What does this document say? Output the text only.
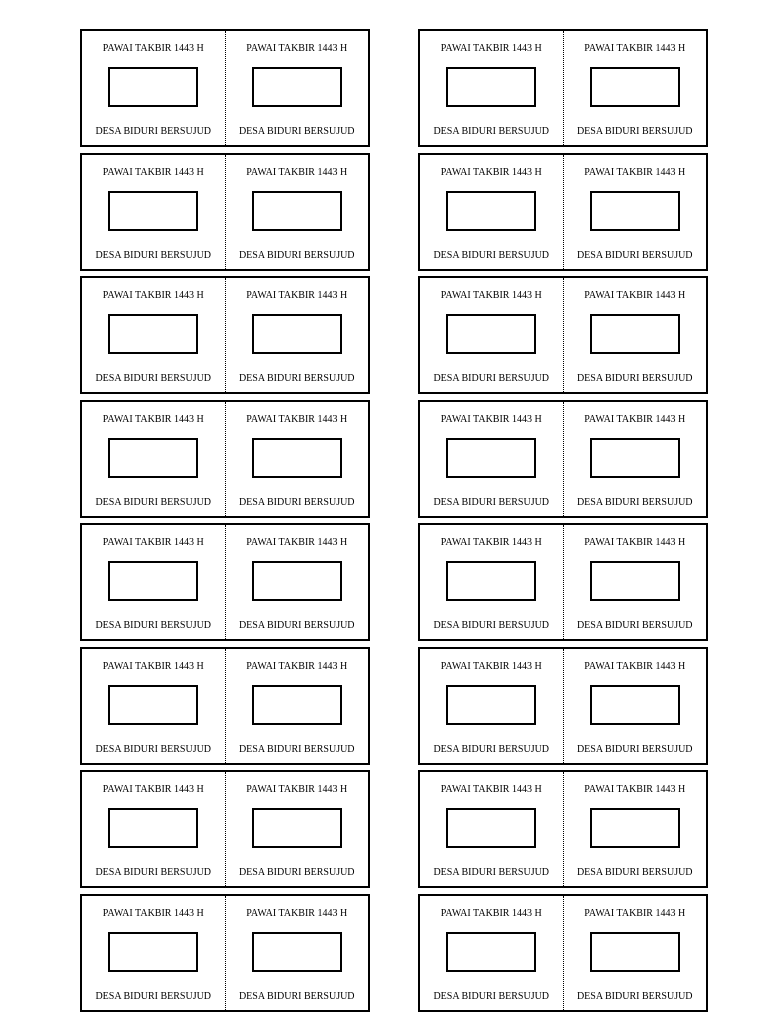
PAWAI TAKBIR 1443 H
DESA BIDURI BERSUJUD
PAWAI TAKBIR 1443 H
DESA BIDURI BERSUJUD
PAWAI TAKBIR 1443 H
DESA BIDURI BERSUJUD
PAWAI TAKBIR 1443 H
DESA BIDURI BERSUJUD
PAWAI TAKBIR 1443 H
DESA BIDURI BERSUJUD
PAWAI TAKBIR 1443 H
DESA BIDURI BERSUJUD
PAWAI TAKBIR 1443 H
DESA BIDURI BERSUJUD
PAWAI TAKBIR 1443 H
DESA BIDURI BERSUJUD
PAWAI TAKBIR 1443 H
DESA BIDURI BERSUJUD
PAWAI TAKBIR 1443 H
DESA BIDURI BERSUJUD
PAWAI TAKBIR 1443 H
DESA BIDURI BERSUJUD
PAWAI TAKBIR 1443 H
DESA BIDURI BERSUJUD
PAWAI TAKBIR 1443 H
DESA BIDURI BERSUJUD
PAWAI TAKBIR 1443 H
DESA BIDURI BERSUJUD
PAWAI TAKBIR 1443 H
DESA BIDURI BERSUJUD
PAWAI TAKBIR 1443 H
DESA BIDURI BERSUJUD
PAWAI TAKBIR 1443 H
DESA BIDURI BERSUJUD
PAWAI TAKBIR 1443 H
DESA BIDURI BERSUJUD
PAWAI TAKBIR 1443 H
DESA BIDURI BERSUJUD
PAWAI TAKBIR 1443 H
DESA BIDURI BERSUJUD
PAWAI TAKBIR 1443 H
DESA BIDURI BERSUJUD
PAWAI TAKBIR 1443 H
DESA BIDURI BERSUJUD
PAWAI TAKBIR 1443 H
DESA BIDURI BERSUJUD
PAWAI TAKBIR 1443 H
DESA BIDURI BERSUJUD
PAWAI TAKBIR 1443 H
DESA BIDURI BERSUJUD
PAWAI TAKBIR 1443 H
DESA BIDURI BERSUJUD
PAWAI TAKBIR 1443 H
DESA BIDURI BERSUJUD
PAWAI TAKBIR 1443 H
DESA BIDURI BERSUJUD
PAWAI TAKBIR 1443 H
DESA BIDURI BERSUJUD
PAWAI TAKBIR 1443 H
DESA BIDURI BERSUJUD
PAWAI TAKBIR 1443 H
DESA BIDURI BERSUJUD
PAWAI TAKBIR 1443 H
DESA BIDURI BERSUJUD
